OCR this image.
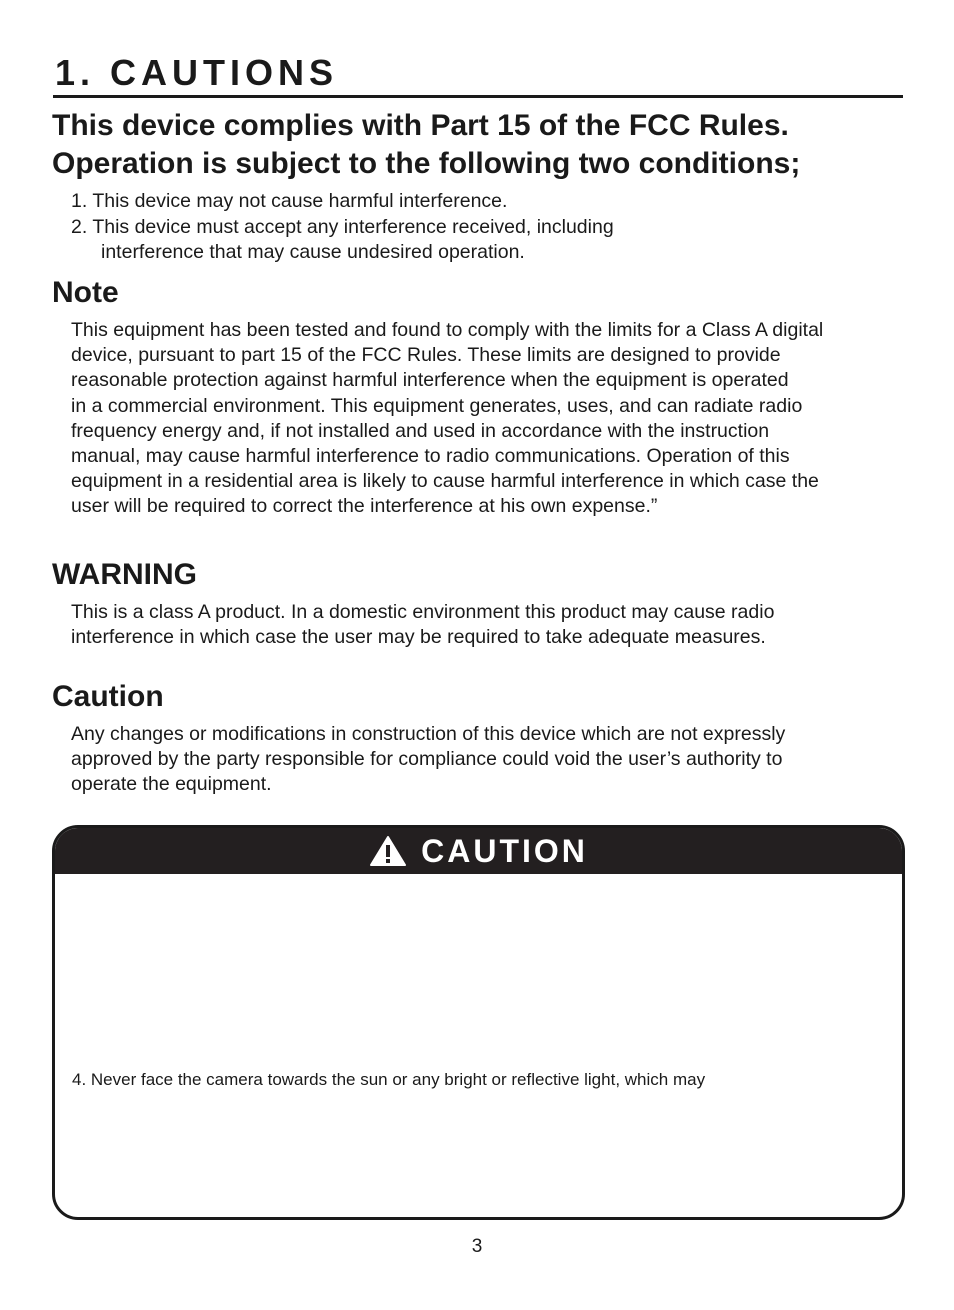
1. CAUTIONS
This device complies with Part 15 of the FCC Rules.
Operation is subject to the following two conditions;
1. This device may not cause harmful interference.
2. This device must accept any interference received, including
interference that may cause undesired operation.
Note
This equipment has been tested and found to comply with the limits for a Class A digital
device, pursuant to part 15 of the FCC Rules. These limits are designed to provide
reasonable protection against harmful interference when the equipment is operated
in a commercial environment. This equipment generates, uses, and can radiate radio
frequency energy and, if not installed and used in accordance with the instruction
manual, may cause harmful interference to radio communications. Operation of this
equipment in a residential area is likely to cause harmful interference in which case the
user will be required to correct the interference at his own expense.”
WARNING
This is a class A product. In a domestic environment this product may cause radio
interference in which case the user may be required to take adequate measures.
Caution
Any changes or modifications in construction of this device which are not expressly
approved by the party responsible for compliance could void the user’s authority to
operate the equipment.
CAUTION

4. Never face the camera towards the sun or any bright or reflective light, which may

3
